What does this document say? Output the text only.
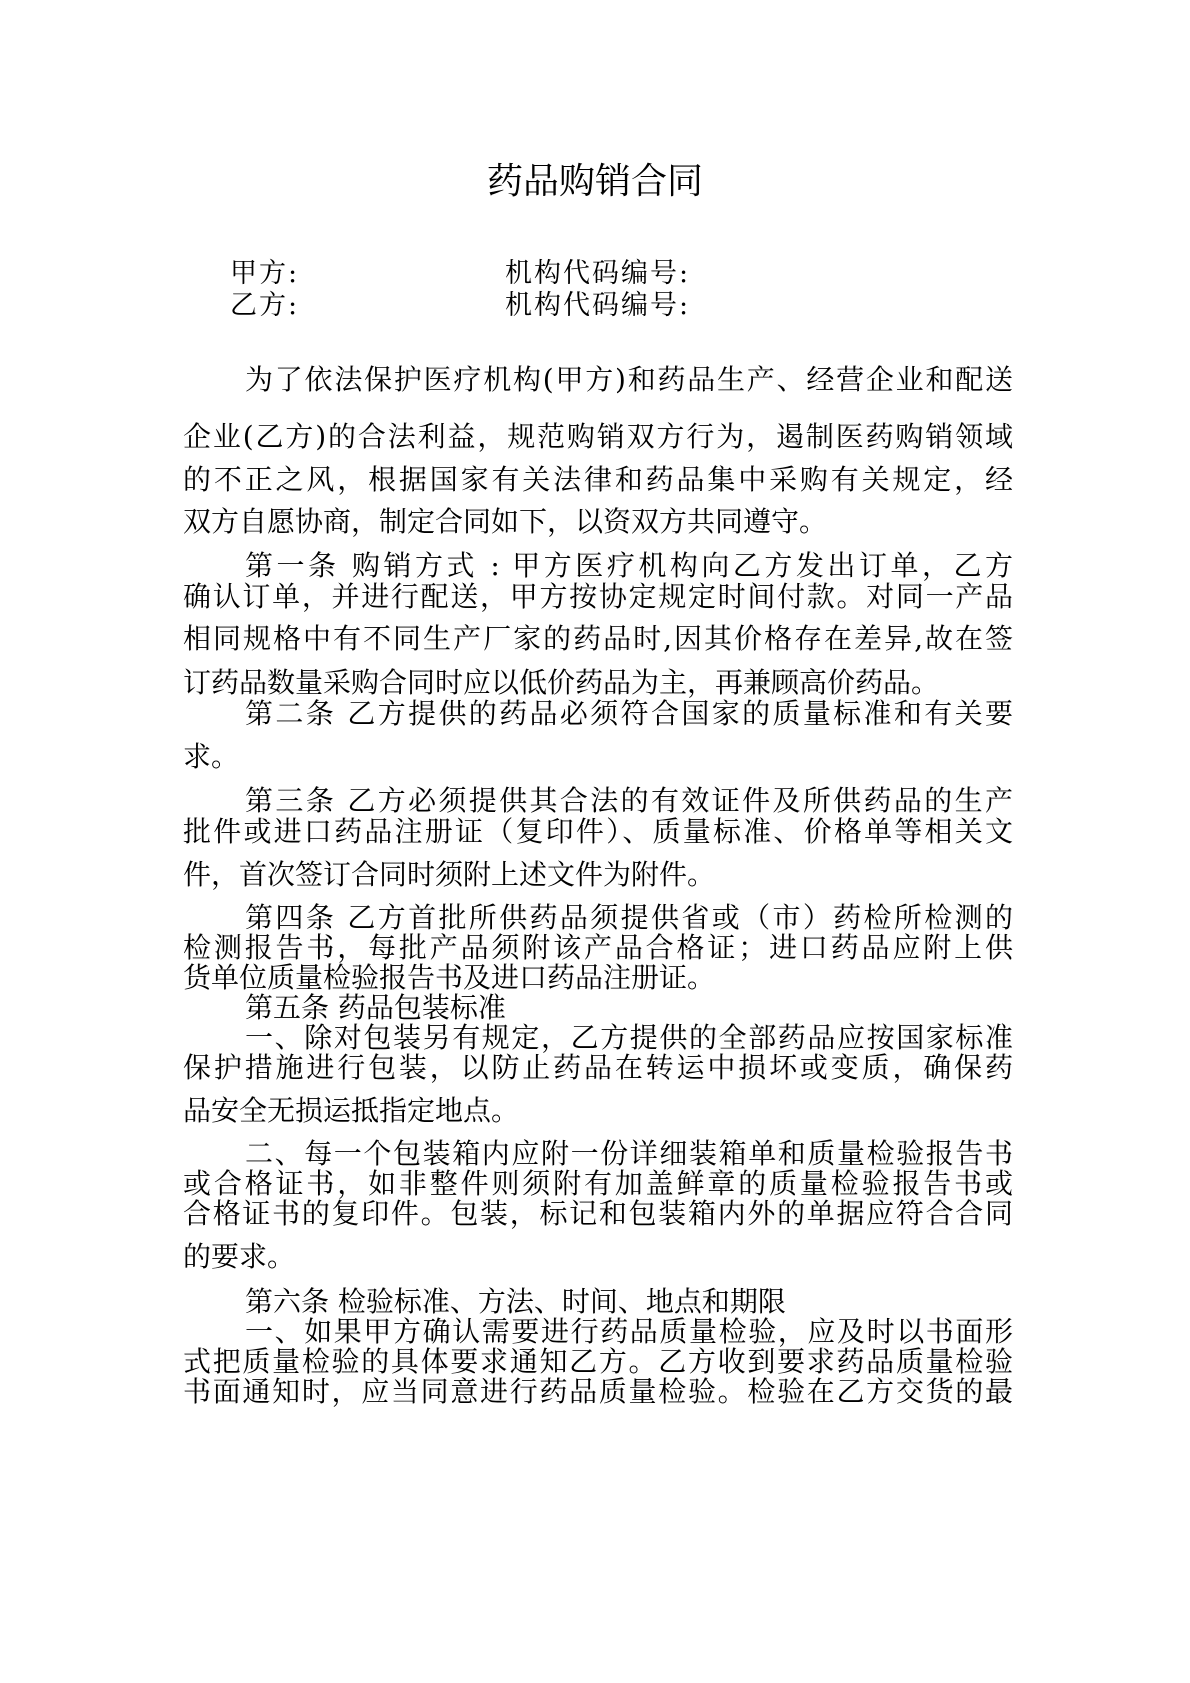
药品购销合同
甲方:	机构代码编号:
乙方:	机构代码编号:
为了依法保护医疗机构(甲方)和药品生产、经营企业和配送
企业(乙方)的合法利益，规范购销双方行为，遏制医药购销领域
的不正之风，根据国家有关法律和药品集中采购有关规定，经
双方自愿协商，制定合同如下，以资双方共同遵守。
第一条 购销方式 : 甲方医疗机构向乙方发出订单，乙方
确认订单，并进行配送，甲方按协定规定时间付款。对同一产品
相同规格中有不同生产厂家的药品时,因其价格存在差异,故在签
订药品数量采购合同时应以低价药品为主，再兼顾高价药品。
第二条 乙方提供的药品必须符合国家的质量标准和有关要
求。
第三条 乙方必须提供其合法的有效证件及所供药品的生产
批件或进口药品注册证（复印件）、质量标准、价格单等相关文
件，首次签订合同时须附上述文件为附件。
第四条 乙方首批所供药品须提供省或（市）药检所检测的
检测报告书，每批产品须附该产品合格证；进口药品应附上供
货单位质量检验报告书及进口药品注册证。
第五条 药品包装标准
一、除对包装另有规定，乙方提供的全部药品应按国家标准
保护措施进行包装，以防止药品在转运中损坏或变质，确保药
品安全无损运抵指定地点。
二、每一个包装箱内应附一份详细装箱单和质量检验报告书
或合格证书，如非整件则须附有加盖鲜章的质量检验报告书或
合格证书的复印件。包装，标记和包装箱内外的单据应符合合同
的要求。
第六条 检验标准、方法、时间、地点和期限
一、如果甲方确认需要进行药品质量检验，应及时以书面形
式把质量检验的具体要求通知乙方。乙方收到要求药品质量检验
书面通知时，应当同意进行药品质量检验。检验在乙方交货的最
